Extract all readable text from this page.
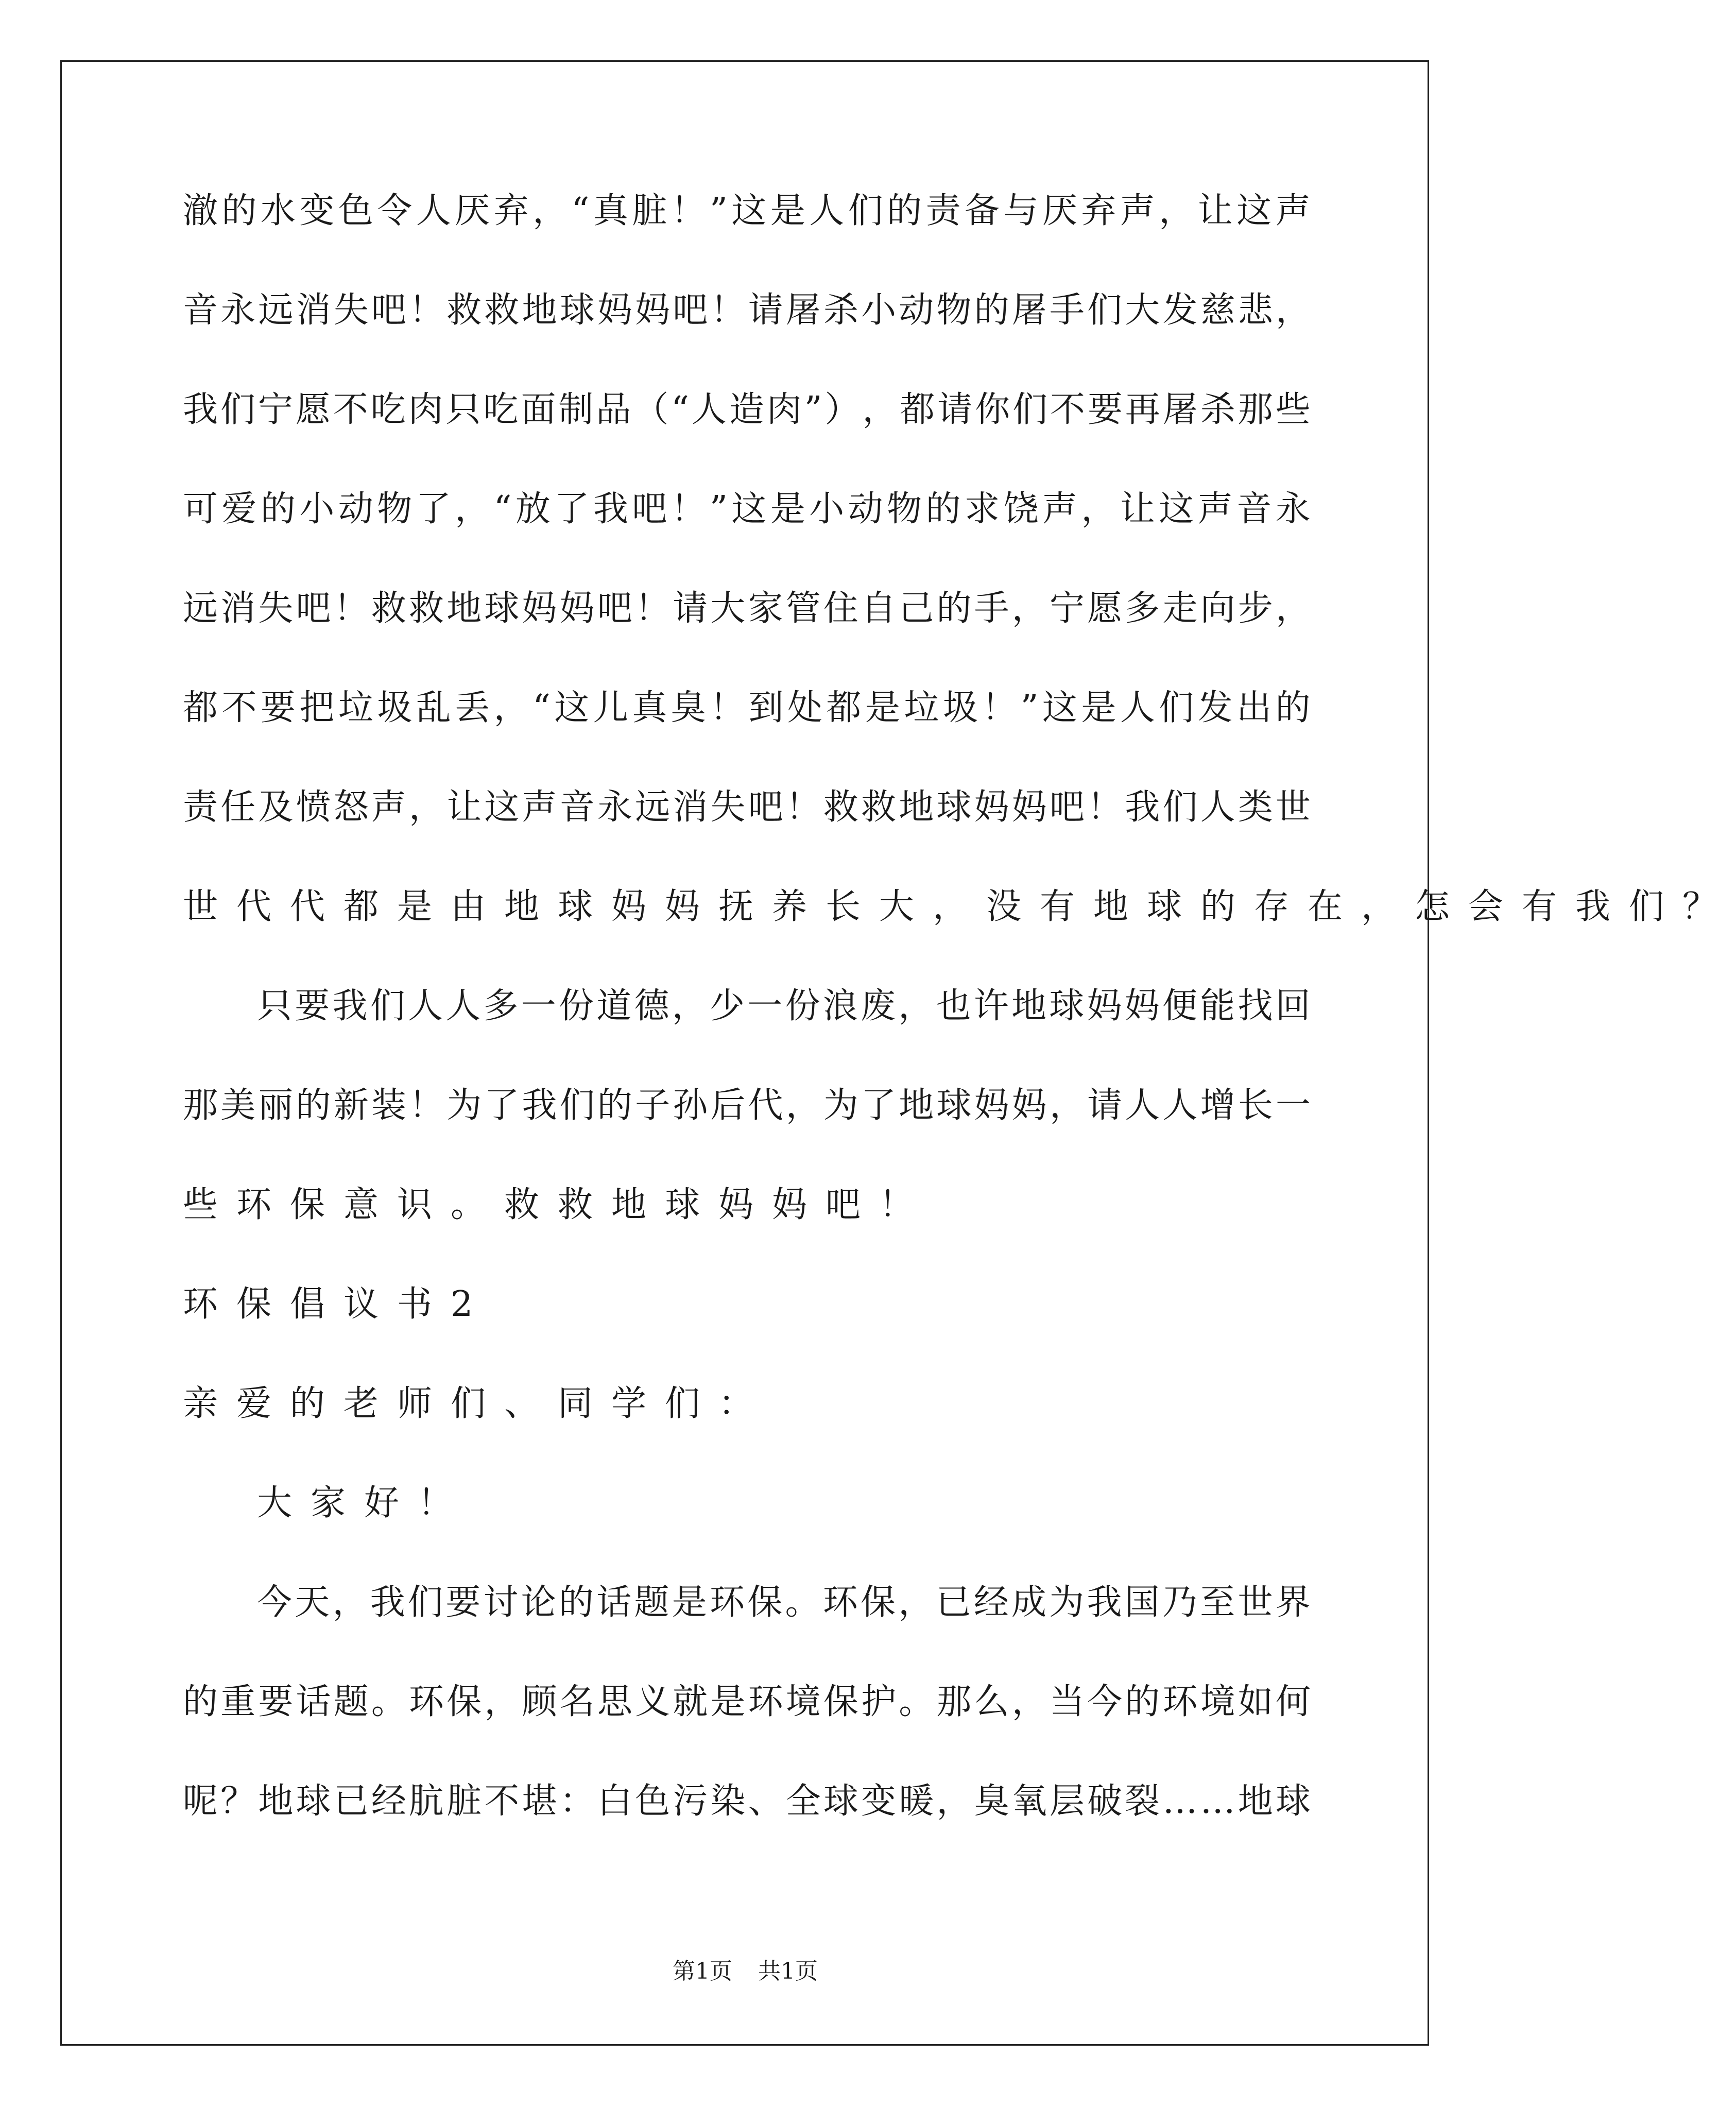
澈 的 水 变 色 令 人 厌 弃 ， “ 真 脏 ！ ” 这 是 人 们 的 责 备 与 厌 弃 声 ， 让 这 声
音 永 远 消 失 吧 ！ 救 救 地 球 妈 妈 吧 ！ 请 屠 杀 小 动 物 的 屠 手 们 大 发 慈 悲 ，
我 们 宁 愿 不 吃 肉 只 吃 面 制 品 （ “ 人 造 肉 ” ） ， 都 请 你 们 不 要 再 屠 杀 那 些
可 爱 的 小 动 物 了 ， “ 放 了 我 吧 ！ ” 这 是 小 动 物 的 求 饶 声 ， 让 这 声 音 永
远 消 失 吧 ！ 救 救 地 球 妈 妈 吧 ！ 请 大 家 管 住 自 己 的 手 ， 宁 愿 多 走 向 步 ，
都 不 要 把 垃 圾 乱 丢 ， “ 这 儿 真 臭 ！ 到 处 都 是 垃 圾 ！ ” 这 是 人 们 发 出 的
责 任 及 愤 怒 声 ， 让 这 声 音 永 远 消 失 吧 ！ 救 救 地 球 妈 妈 吧 ！ 我 们 人 类 世
世代代都是由地球妈妈抚养长大，没有地球的存在，怎会有我们？
只 要 我 们 人 人 多 一 份 道 德 ， 少 一 份 浪 废 ， 也 许 地 球 妈 妈 便 能 找 回
那 美 丽 的 新 装 ！ 为 了 我 们 的 子 孙 后 代 ， 为 了 地 球 妈 妈 ， 请 人 人 增 长 一
些环保意识。救救地球妈妈吧！
环保倡议书2
亲爱的老师们、同学们：
大家好！
今 天 ， 我 们 要 讨 论 的 话 题 是 环 保 。 环 保 ， 已 经 成 为 我 国 乃 至 世 界
的 重 要 话 题 。 环 保 ， 顾 名 思 义 就 是 环 境 保 护 。 那 么 ， 当 今 的 环 境 如 何
呢 ？ 地 球 已 经 肮 脏 不 堪 ： 白 色 污 染 、 全 球 变 暖 ， 臭 氧 层 破 裂 … … 地 球
第1页 共1页
